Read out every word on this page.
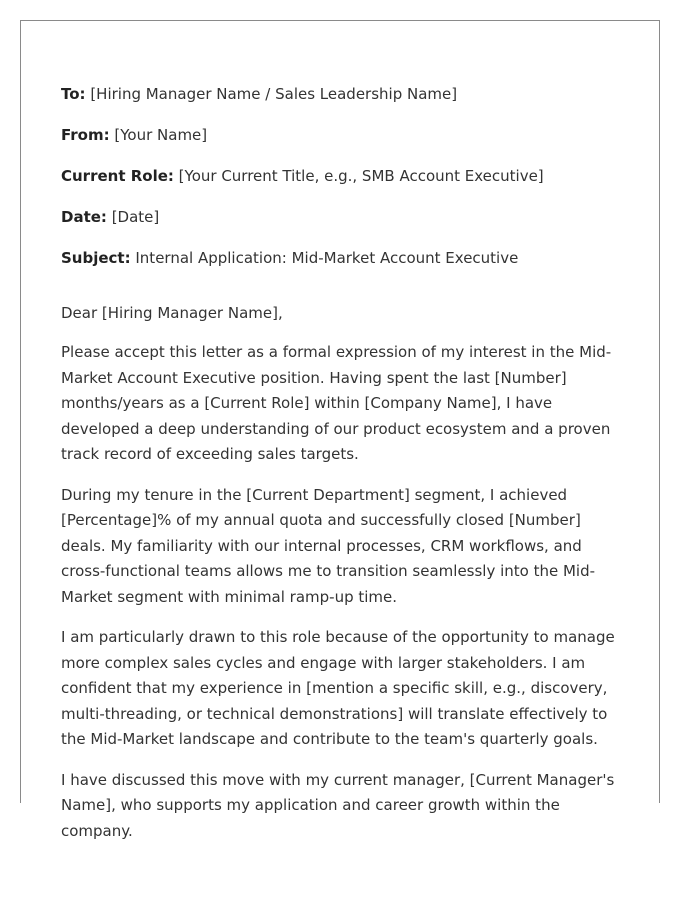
To: [Hiring Manager Name / Sales Leadership Name]
From: [Your Name]
Current Role: [Your Current Title, e.g., SMB Account Executive]
Date: [Date]
Subject: Internal Application: Mid-Market Account Executive

Dear [Hiring Manager Name],

Please accept this letter as a formal expression of my interest in the Mid-Market Account Executive position. Having spent the last [Number] months/years as a [Current Role] within [Company Name], I have developed a deep understanding of our product ecosystem and a proven track record of exceeding sales targets.

During my tenure in the [Current Department] segment, I achieved [Percentage]% of my annual quota and successfully closed [Number] deals. My familiarity with our internal processes, CRM workflows, and cross-functional teams allows me to transition seamlessly into the Mid-Market segment with minimal ramp-up time.

I am particularly drawn to this role because of the opportunity to manage more complex sales cycles and engage with larger stakeholders. I am confident that my experience in [mention a specific skill, e.g., discovery, multi-threading, or technical demonstrations] will translate effectively to the Mid-Market landscape and contribute to the team's quarterly goals.

I have discussed this move with my current manager, [Current Manager's Name], who supports my application and career growth within the company.
